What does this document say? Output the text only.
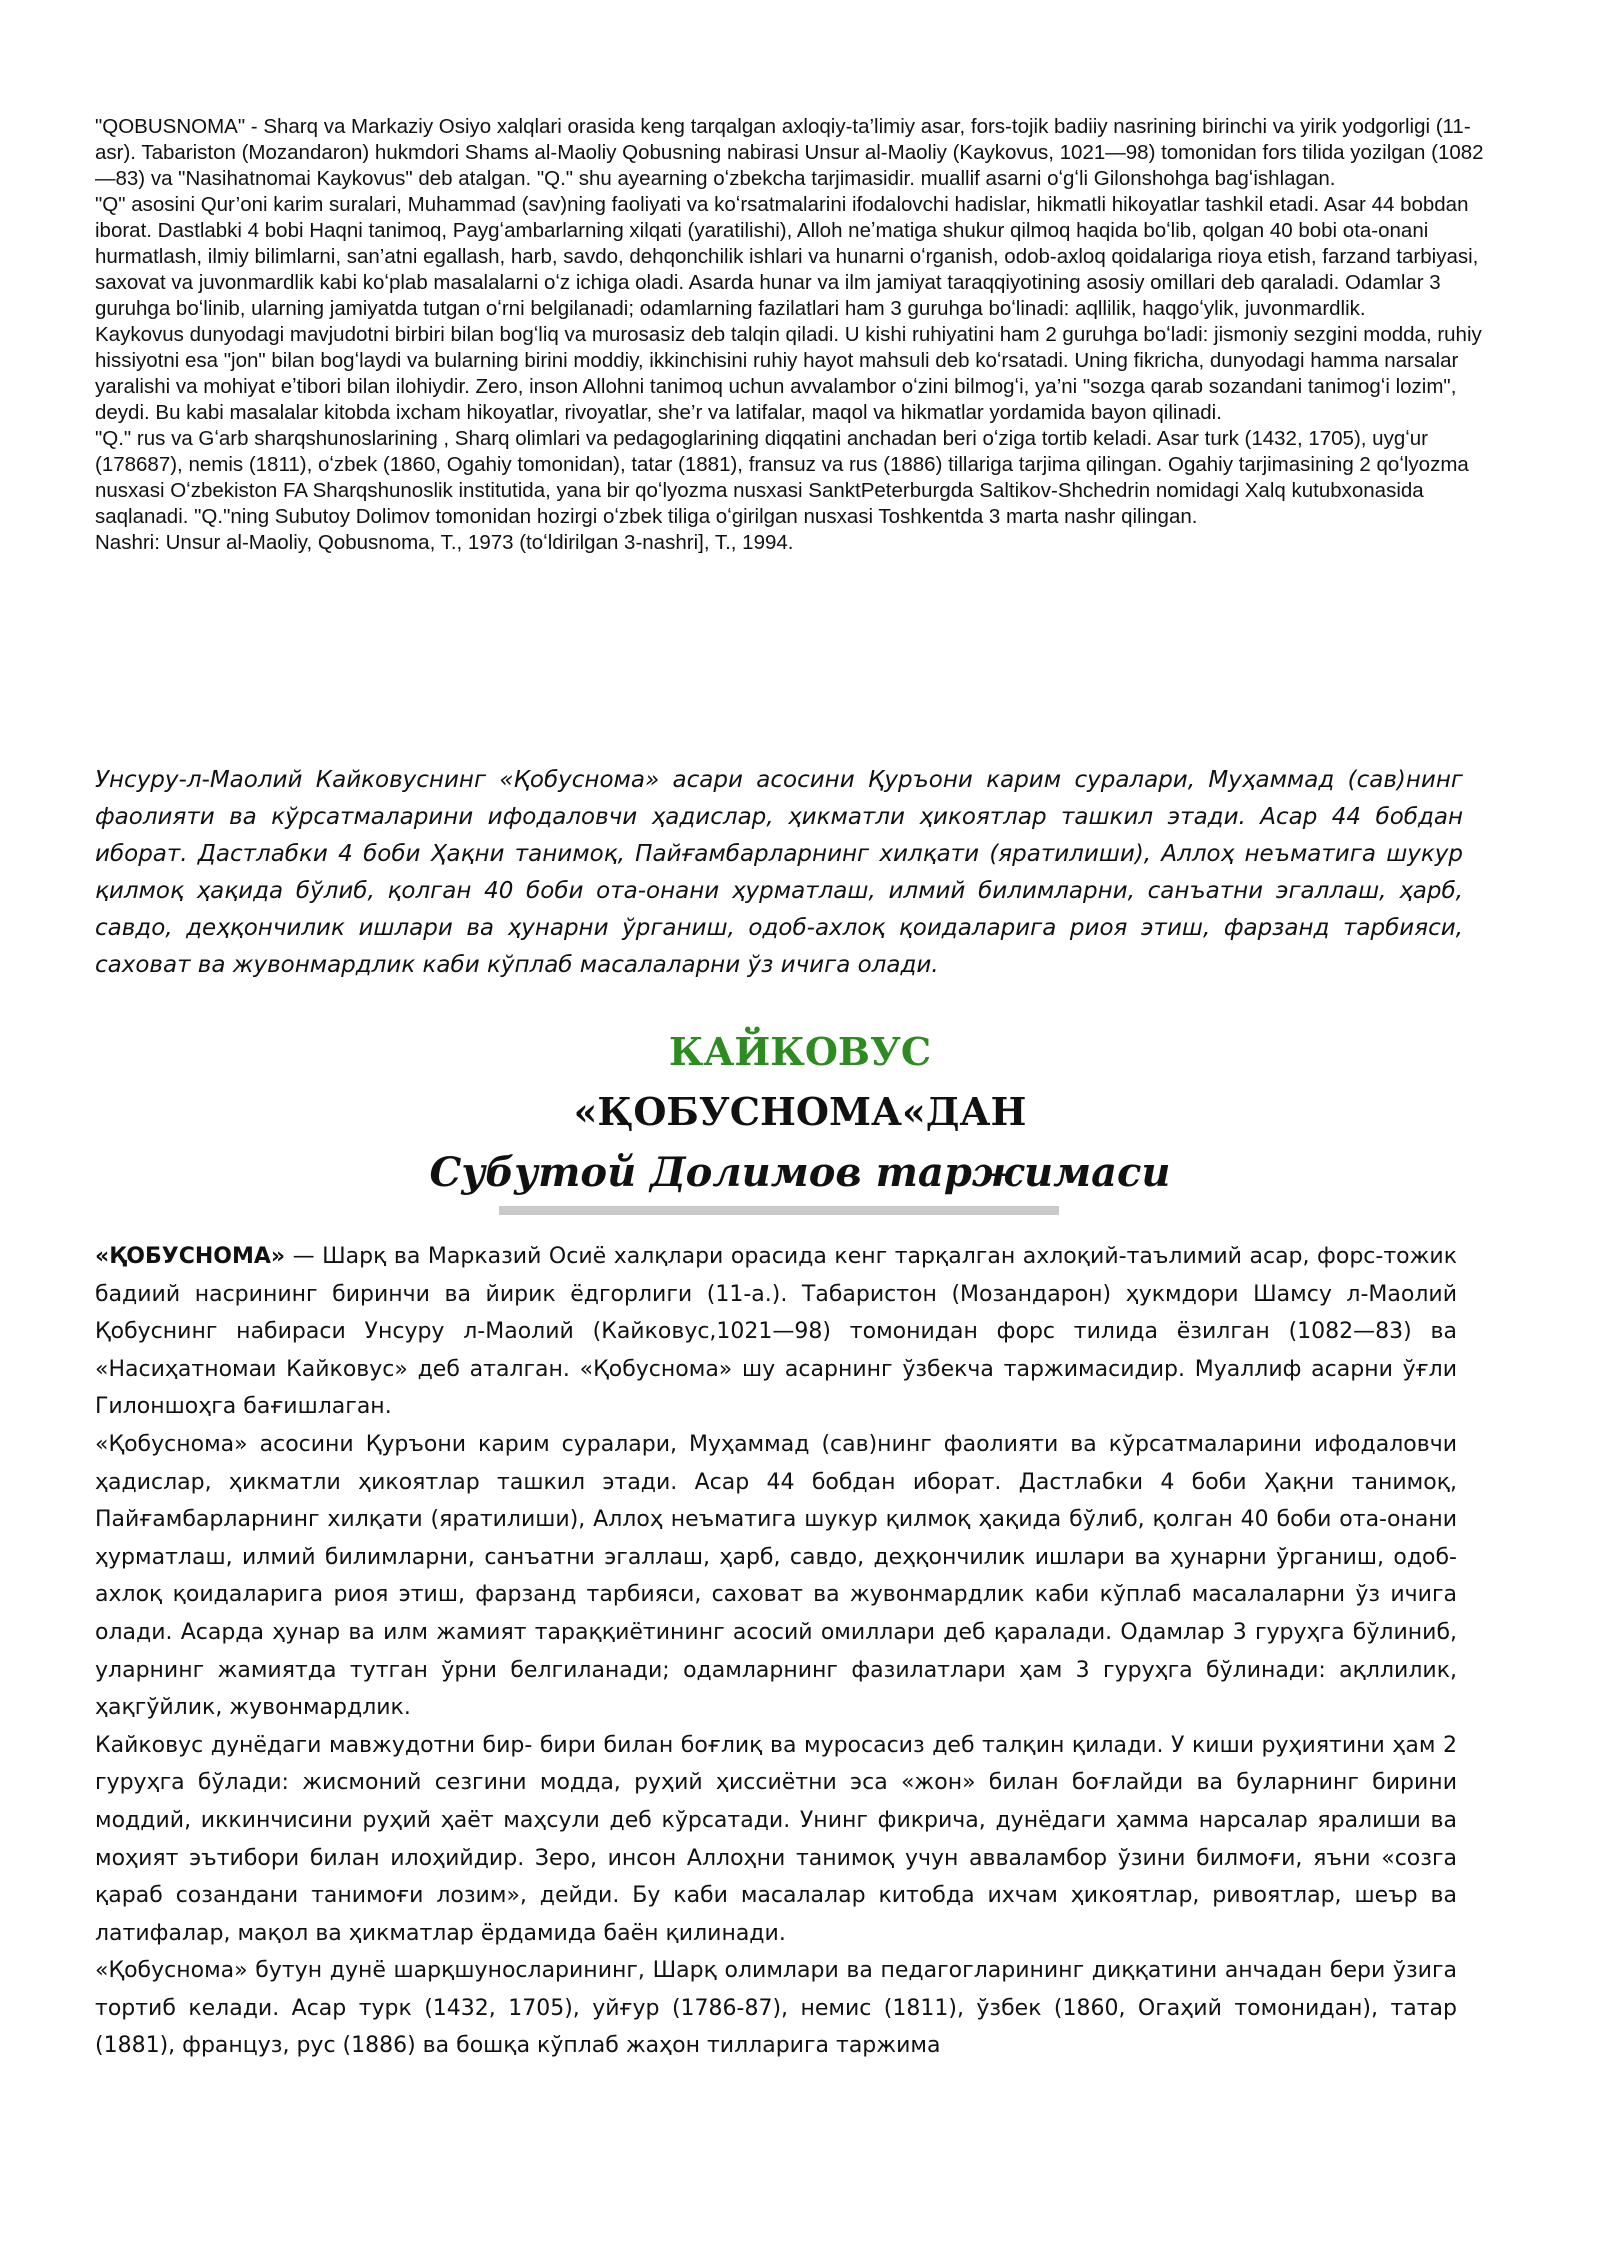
"QOBUSNOMA" - Sharq va Markaziy Osiyo xalqlari orasida keng tarqalgan axloqiy-ta’limiy asar, fors-tojik badiiy nasrining birinchi va yirik yodgorligi (11-asr). Tabariston (Mozandaron) hukmdori Shams al-Maoliy Qobusning nabirasi Unsur al-Maoliy (Kaykovus, 1021—98) tomonidan fors tilida yozilgan (1082—83) va "Nasihatnomai Kaykovus" deb atalgan. "Q." shu ayearning oʻzbekcha tarjimasidir. muallif asarni oʻgʻli Gilonshohga bagʻishlagan.

"Q" asosini Qur’oni karim suralari, Muhammad (sav)ning faoliyati va koʻrsatmalarini ifodalovchi hadislar, hikmatli hikoyatlar tashkil etadi. Asar 44 bobdan iborat. Dastlabki 4 bobi Haqni tanimoq, Paygʻambarlarning xilqati (yaratilishi), Alloh neʼmatiga shukur qilmoq haqida boʻlib, qolgan 40 bobi ota-onani hurmatlash, ilmiy bilimlarni, san’atni egallash, harb, savdo, dehqonchilik ishlari va hunarni oʻrganish, odob-axloq qoidalariga rioya etish, farzand tarbiyasi, saxovat va juvonmardlik kabi koʻplab masalalarni oʻz ichiga oladi. Asarda hunar va ilm jamiyat taraqqiyotining asosiy omillari deb qaraladi. Odamlar 3 guruhga boʻlinib, ularning jamiyatda tutgan oʻrni belgilanadi; odamlarning fazilatlari ham 3 guruhga boʻlinadi: aqllilik, haqgoʻylik, juvonmardlik.

Kaykovus dunyodagi mavjudotni birbiri bilan bogʻliq va murosasiz deb talqin qiladi. U kishi ruhiyatini ham 2 guruhga boʻladi: jismoniy sezgini modda, ruhiy hissiyotni esa "jon" bilan bogʻlaydi va bularning birini moddiy, ikkinchisini ruhiy hayot mahsuli deb koʻrsatadi. Uning fikricha, dunyodagi hamma narsalar yaralishi va mohiyat eʼtibori bilan ilohiydir. Zero, inson Allohni tanimoq uchun avvalambor oʻzini bilmogʻi, ya’ni "sozga qarab sozandani tanimogʻi lozim", deydi. Bu kabi masalalar kitobda ixcham hikoyatlar, rivoyatlar, she’r va latifalar, maqol va hikmatlar yordamida bayon qilinadi.

"Q." rus va Gʻarb sharqshunoslarining , Sharq olimlari va pedagoglarining diqqatini anchadan beri oʻziga tortib keladi. Asar turk (1432, 1705), uygʻur (178687), nemis (1811), oʻzbek (1860, Ogahiy tomonidan), tatar (1881), fransuz va rus (1886) tillariga tarjima qilingan. Ogahiy tarjimasining 2 qoʻlyozma nusxasi Oʻzbekiston FA Sharqshunoslik institutida, yana bir qoʻlyozma nusxasi SanktPeterburgda Saltikov-Shchedrin nomidagi Xalq kutubxonasida saqlanadi. "Q."ning Subutoy Dolimov tomonidan hozirgi oʻzbek tiliga oʻgirilgan nusxasi Toshkentda 3 marta nashr qilingan.

Nashri: Unsur al-Maoliy, Qobusnoma, T., 1973 (toʻldirilgan 3-nashri], T., 1994.

Унсуру-л-Маолий Кайковуснинг «Қобуснома» асари асосини Қуръони карим суралари, Муҳаммад (сав)нинг фаолияти ва кўрсатмаларини ифодаловчи ҳадислар, ҳикматли ҳикоятлар ташкил этади. Асар 44 бобдан иборат. Дастлабки 4 боби Ҳақни танимоқ, Пайғамбарларнинг хилқати (яратилиши), Аллоҳ неъматига шукур қилмоқ ҳақида бўлиб, қолган 40 боби ота-онани ҳурматлаш, илмий билимларни, санъатни эгаллаш, ҳарб, савдо, деҳқончилик ишлари ва ҳунарни ўрганиш, одоб-ахлоқ қоидаларига риоя этиш, фарзанд тарбияси, саховат ва жувонмардлик каби кўплаб масалаларни ўз ичига олади.

КАЙКОВУС
«ҚОБУСНОМА«ДАН
Субутой Долимов таржимаси

«ҚОБУСНОМА» — Шарқ ва Марказий Осиё халқлари орасида кенг тарқалган ахлоқий-таълимий асар, форс-тожик бадиий насрининг биринчи ва йирик ёдгорлиги (11-а.). Табаристон (Мозандарон) ҳукмдори Шамсу л-Маолий Қобуснинг набираси Унсуру л-Маолий (Кайковус,1021—98) томонидан форс тилида ёзилган (1082—83) ва «Насиҳатномаи Кайковус» деб аталган. «Қобуснома» шу асарнинг ўзбекча таржимасидир. Муаллиф асарни ўғли Гилоншоҳга бағишлаган.

«Қобуснома» асосини Қуръони карим суралари, Муҳаммад (сав)нинг фаолияти ва кўрсатмаларини ифодаловчи ҳадислар, ҳикматли ҳикоятлар ташкил этади. Асар 44 бобдан иборат. Дастлабки 4 боби Ҳақни танимоқ, Пайғамбарларнинг хилқати (яратилиши), Аллоҳ неъматига шукур қилмоқ ҳақида бўлиб, қолган 40 боби ота-онани ҳурматлаш, илмий билимларни, санъатни эгаллаш, ҳарб, савдо, деҳқончилик ишлари ва ҳунарни ўрганиш, одоб-ахлоқ қоидаларига риоя этиш, фарзанд тарбияси, саховат ва жувонмардлик каби кўплаб масалаларни ўз ичига олади. Асарда ҳунар ва илм жамият тараққиётининг асосий омиллари деб қаралади. Одамлар 3 гуруҳга бўлиниб, уларнинг жамиятда тутган ўрни белгиланади; одамларнинг фазилатлари ҳам 3 гуруҳга бўлинади: ақллилик, ҳақгўйлик, жувонмардлик.

Кайковус дунёдаги мавжудотни бир- бири билан боғлиқ ва муросасиз деб талқин қилади. У киши руҳиятини ҳам 2 гуруҳга бўлади: жисмоний сезгини модда, руҳий ҳиссиётни эса «жон» билан боғлайди ва буларнинг бирини моддий, иккинчисини руҳий ҳаёт маҳсули деб кўрсатади. Унинг фикрича, дунёдаги ҳамма нарсалар яралиши ва моҳият эътибори билан илоҳийдир. Зеро, инсон Аллоҳни танимоқ учун авваламбор ўзини билмоғи, яъни «созга қараб созандани танимоғи лозим», дейди. Бу каби масалалар китобда ихчам ҳикоятлар, ривоятлар, шеър ва латифалар, мақол ва ҳикматлар ёрдамида баён қилинади.

«Қобуснома» бутун дунё шарқшуносларининг, Шарқ олимлари ва педагогларининг диққатини анчадан бери ўзига тортиб келади. Асар турк (1432, 1705), уйғур (1786-87), немис (1811), ўзбек (1860, Огаҳий томонидан), татар (1881), француз, рус (1886) ва бошқа кўплаб жаҳон тилларига таржима
